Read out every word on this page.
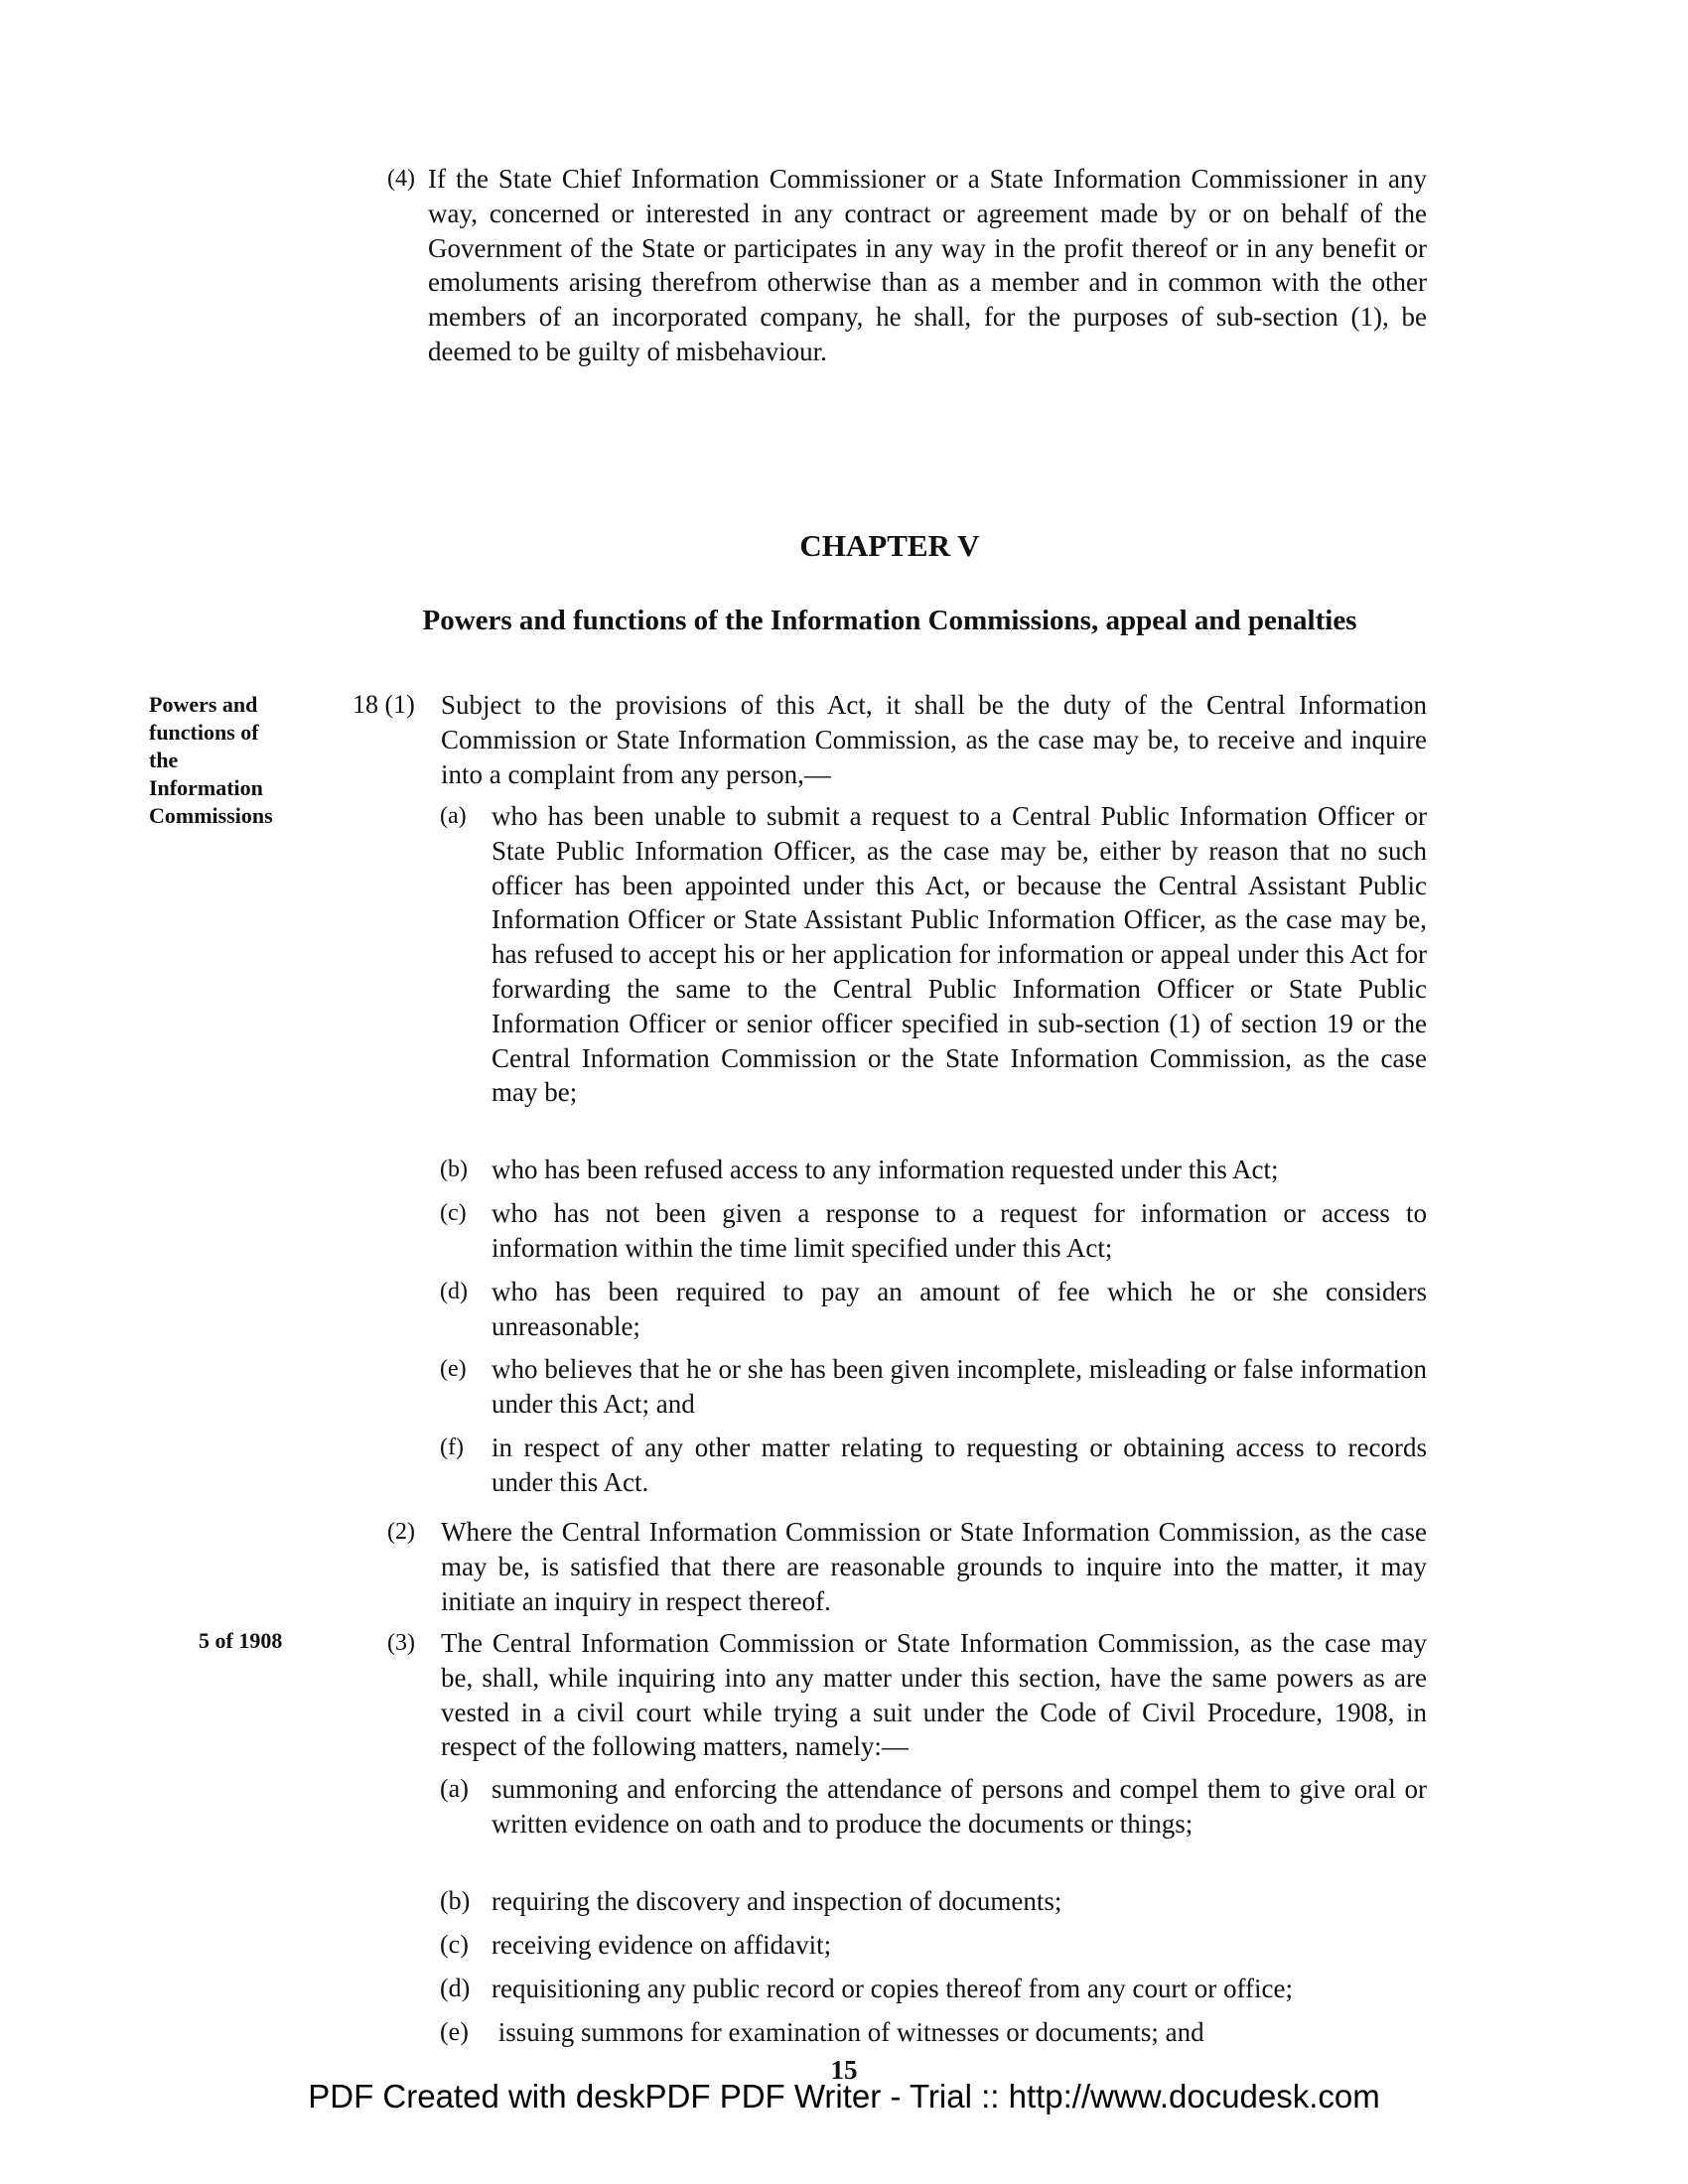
(4) If the State Chief Information Commissioner or a State Information Commissioner in any way, concerned or interested in any contract or agreement made by or on behalf of the Government of the State or participates in any way in the profit thereof or in any benefit or emoluments arising therefrom otherwise than as a member and in common with the other members of an incorporated company, he shall, for the purposes of sub-section (1), be deemed to be guilty of misbehaviour.
CHAPTER V
Powers and functions of the Information Commissions, appeal and penalties
Powers and
functions of
the
Information
Commissions
5 of 1908
18 (1) Subject to the provisions of this Act, it shall be the duty of the Central Information Commission or State Information Commission, as the case may be, to receive and inquire into a complaint from any person,—
(a) who has been unable to submit a request to a Central Public Information Officer or State Public Information Officer, as the case may be, either by reason that no such officer has been appointed under this Act, or because the Central Assistant Public Information Officer or State Assistant Public Information Officer, as the case may be, has refused to accept his or her application for information or appeal under this Act for forwarding the same to the Central Public Information Officer or State Public Information Officer or senior officer specified in sub-section (1) of section 19 or the Central Information Commission or the State Information Commission, as the case may be;
(b) who has been refused access to any information requested under this Act;
(c) who has not been given a response to a request for information or access to information within the time limit specified under this Act;
(d) who has been required to pay an amount of fee which he or she considers unreasonable;
(e) who believes that he or she has been given incomplete, misleading or false information under this Act; and
(f) in respect of any other matter relating to requesting or obtaining access to records under this Act.
(2) Where the Central Information Commission or State Information Commission, as the case may be, is satisfied that there are reasonable grounds to inquire into the matter, it may initiate an inquiry in respect thereof.
(3) The Central Information Commission or State Information Commission, as the case may be, shall, while inquiring into any matter under this section, have the same powers as are vested in a civil court while trying a suit under the Code of Civil Procedure, 1908, in respect of the following matters, namely:—
(a) summoning and enforcing the attendance of persons and compel them to give oral or written evidence on oath and to produce the documents or things;
(b) requiring the discovery and inspection of documents;
(c) receiving evidence on affidavit;
(d) requisitioning any public record or copies thereof from any court or office;
(e) issuing summons for examination of witnesses or documents; and
15
PDF Created with deskPDF PDF Writer - Trial :: http://www.docudesk.com
